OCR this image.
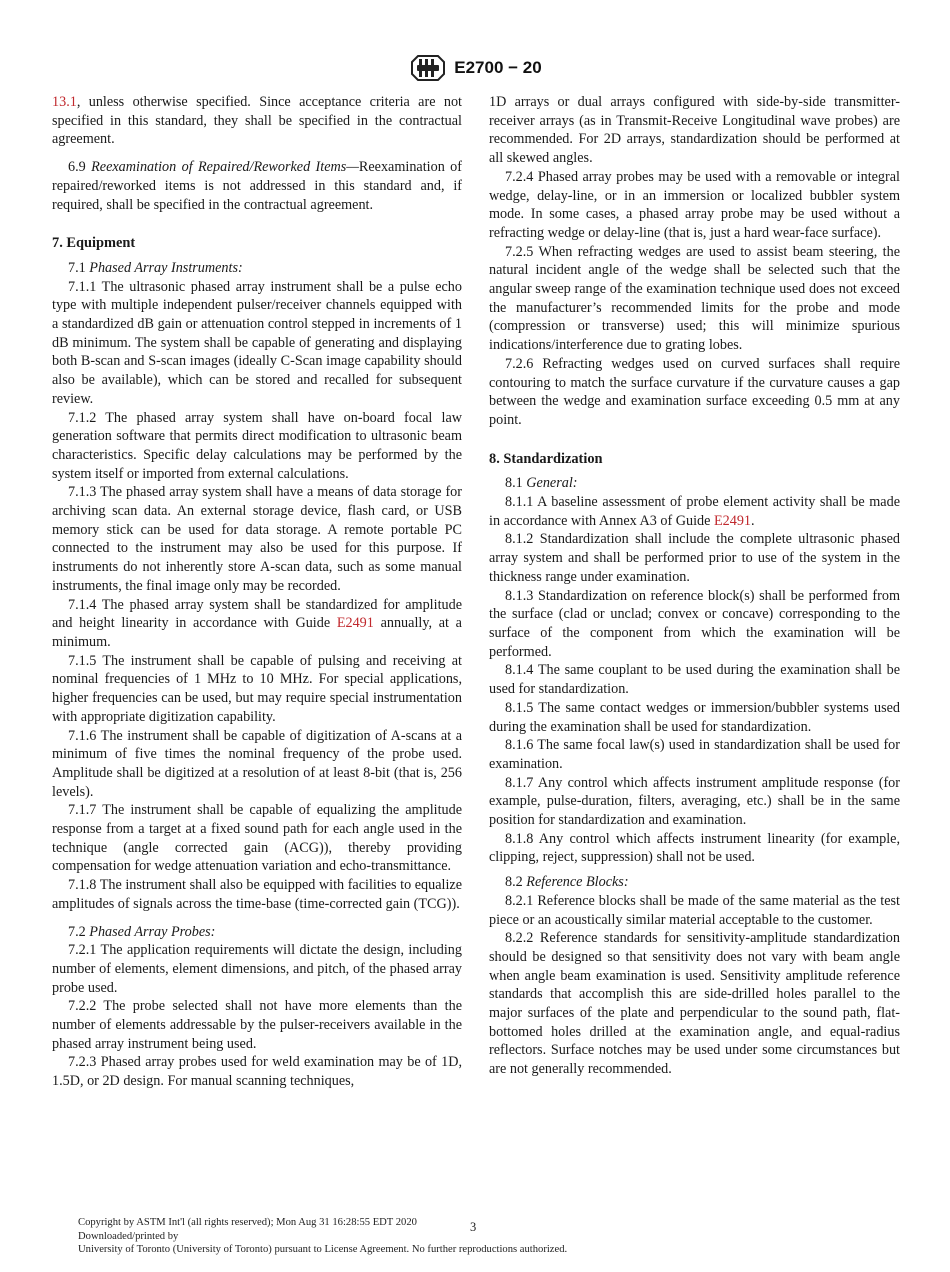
E2700 − 20

13.1, unless otherwise specified. Since acceptance criteria are not specified in this standard, they shall be specified in the contractual agreement.

6.9 Reexamination of Repaired/Reworked Items—Reexamination of repaired/reworked items is not addressed in this standard and, if required, shall be specified in the contractual agreement.

7. Equipment

7.1 Phased Array Instruments:

7.1.1 The ultrasonic phased array instrument shall be a pulse echo type with multiple independent pulser/receiver channels equipped with a standardized dB gain or attenuation control stepped in increments of 1 dB minimum. The system shall be capable of generating and displaying both B-scan and S-scan images (ideally C-Scan image capability should also be available), which can be stored and recalled for subsequent review.

7.1.2 The phased array system shall have on-board focal law generation software that permits direct modification to ultrasonic beam characteristics. Specific delay calculations may be performed by the system itself or imported from external calculations.

7.1.3 The phased array system shall have a means of data storage for archiving scan data. An external storage device, flash card, or USB memory stick can be used for data storage. A remote portable PC connected to the instrument may also be used for this purpose. If instruments do not inherently store A-scan data, such as some manual instruments, the final image only may be recorded.

7.1.4 The phased array system shall be standardized for amplitude and height linearity in accordance with Guide E2491 annually, at a minimum.

7.1.5 The instrument shall be capable of pulsing and receiving at nominal frequencies of 1 MHz to 10 MHz. For special applications, higher frequencies can be used, but may require special instrumentation with appropriate digitization capability.

7.1.6 The instrument shall be capable of digitization of A-scans at a minimum of five times the nominal frequency of the probe used. Amplitude shall be digitized at a resolution of at least 8-bit (that is, 256 levels).

7.1.7 The instrument shall be capable of equalizing the amplitude response from a target at a fixed sound path for each angle used in the technique (angle corrected gain (ACG)), thereby providing compensation for wedge attenuation variation and echo-transmittance.

7.1.8 The instrument shall also be equipped with facilities to equalize amplitudes of signals across the time-base (time-corrected gain (TCG)).

7.2 Phased Array Probes:

7.2.1 The application requirements will dictate the design, including number of elements, element dimensions, and pitch, of the phased array probe used.

7.2.2 The probe selected shall not have more elements than the number of elements addressable by the pulser-receivers available in the phased array instrument being used.

7.2.3 Phased array probes used for weld examination may be of 1D, 1.5D, or 2D design. For manual scanning techniques,

1D arrays or dual arrays configured with side-by-side transmitter-receiver arrays (as in Transmit-Receive Longitudinal wave probes) are recommended. For 2D arrays, standardization should be performed at all skewed angles.

7.2.4 Phased array probes may be used with a removable or integral wedge, delay-line, or in an immersion or localized bubbler system mode. In some cases, a phased array probe may be used without a refracting wedge or delay-line (that is, just a hard wear-face surface).

7.2.5 When refracting wedges are used to assist beam steering, the natural incident angle of the wedge shall be selected such that the angular sweep range of the examination technique used does not exceed the manufacturer’s recommended limits for the probe and mode (compression or transverse) used; this will minimize spurious indications/interference due to grating lobes.

7.2.6 Refracting wedges used on curved surfaces shall require contouring to match the surface curvature if the curvature causes a gap between the wedge and examination surface exceeding 0.5 mm at any point.

8. Standardization

8.1 General:

8.1.1 A baseline assessment of probe element activity shall be made in accordance with Annex A3 of Guide E2491.

8.1.2 Standardization shall include the complete ultrasonic phased array system and shall be performed prior to use of the system in the thickness range under examination.

8.1.3 Standardization on reference block(s) shall be performed from the surface (clad or unclad; convex or concave) corresponding to the surface of the component from which the examination will be performed.

8.1.4 The same couplant to be used during the examination shall be used for standardization.

8.1.5 The same contact wedges or immersion/bubbler systems used during the examination shall be used for standardization.

8.1.6 The same focal law(s) used in standardization shall be used for examination.

8.1.7 Any control which affects instrument amplitude response (for example, pulse-duration, filters, averaging, etc.) shall be in the same position for standardization and examination.

8.1.8 Any control which affects instrument linearity (for example, clipping, reject, suppression) shall not be used.

8.2 Reference Blocks:

8.2.1 Reference blocks shall be made of the same material as the test piece or an acoustically similar material acceptable to the customer.

8.2.2 Reference standards for sensitivity-amplitude standardization should be designed so that sensitivity does not vary with beam angle when angle beam examination is used. Sensitivity amplitude reference standards that accomplish this are side-drilled holes parallel to the major surfaces of the plate and perpendicular to the sound path, flat-bottomed holes drilled at the examination angle, and equal-radius reflectors. Surface notches may be used under some circumstances but are not generally recommended.

Copyright by ASTM Int'l (all rights reserved); Mon Aug 31 16:28:55 EDT 2020	3
Downloaded/printed by
University of Toronto (University of Toronto) pursuant to License Agreement. No further reproductions authorized.
